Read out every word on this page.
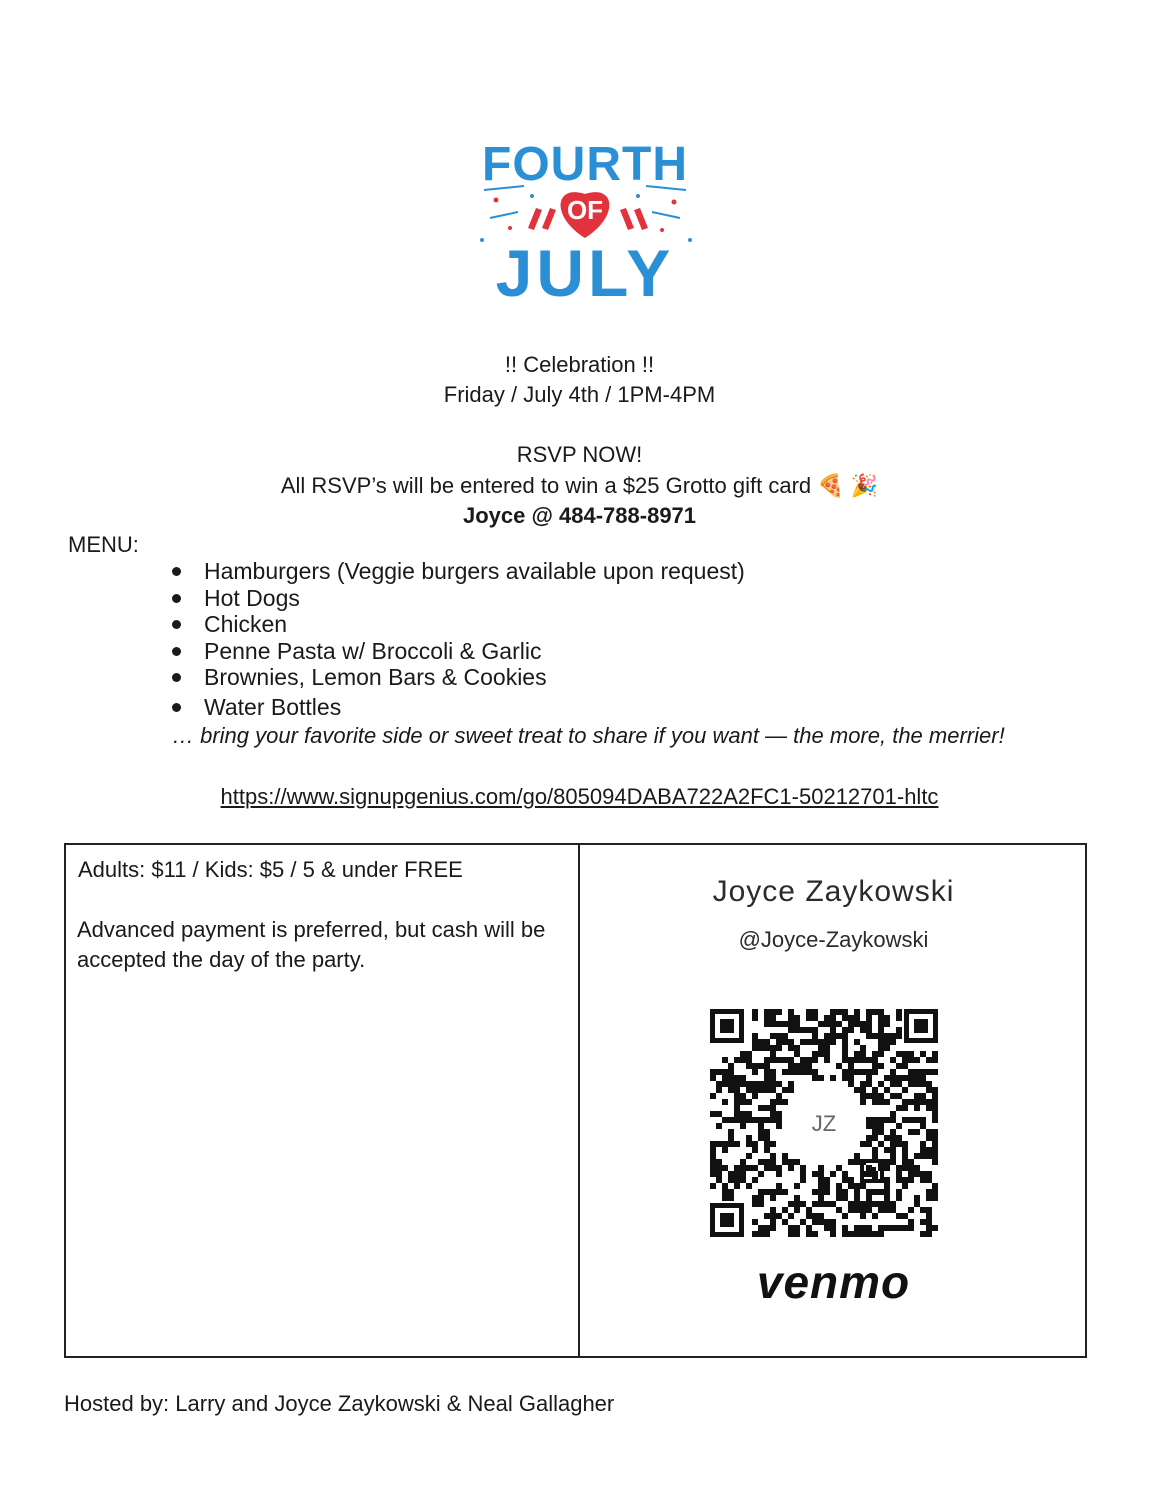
FOURTH
OF
JULY
!! Celebration !!
Friday / July 4th / 1PM-4PM
RSVP NOW!
All RSVP’s will be entered to win a $25 Grotto gift card 🍕 🎉
Joyce @ 484-788-8971
MENU:
Hamburgers (Veggie burgers available upon request)
Hot Dogs
Chicken
Penne Pasta w/ Broccoli & Garlic
Brownies, Lemon Bars & Cookies
Water Bottles
… bring your favorite side or sweet treat to share if you want — the more, the merrier!
https://www.signupgenius.com/go/805094DABA722A2FC1-50212701-hltc
Adults: $11 / Kids: $5 / 5 & under FREE
Advanced payment is preferred, but cash will be accepted the day of the party.
Joyce Zaykowski
@Joyce-Zaykowski
JZ
venmo
Hosted by: Larry and Joyce Zaykowski & Neal Gallagher
